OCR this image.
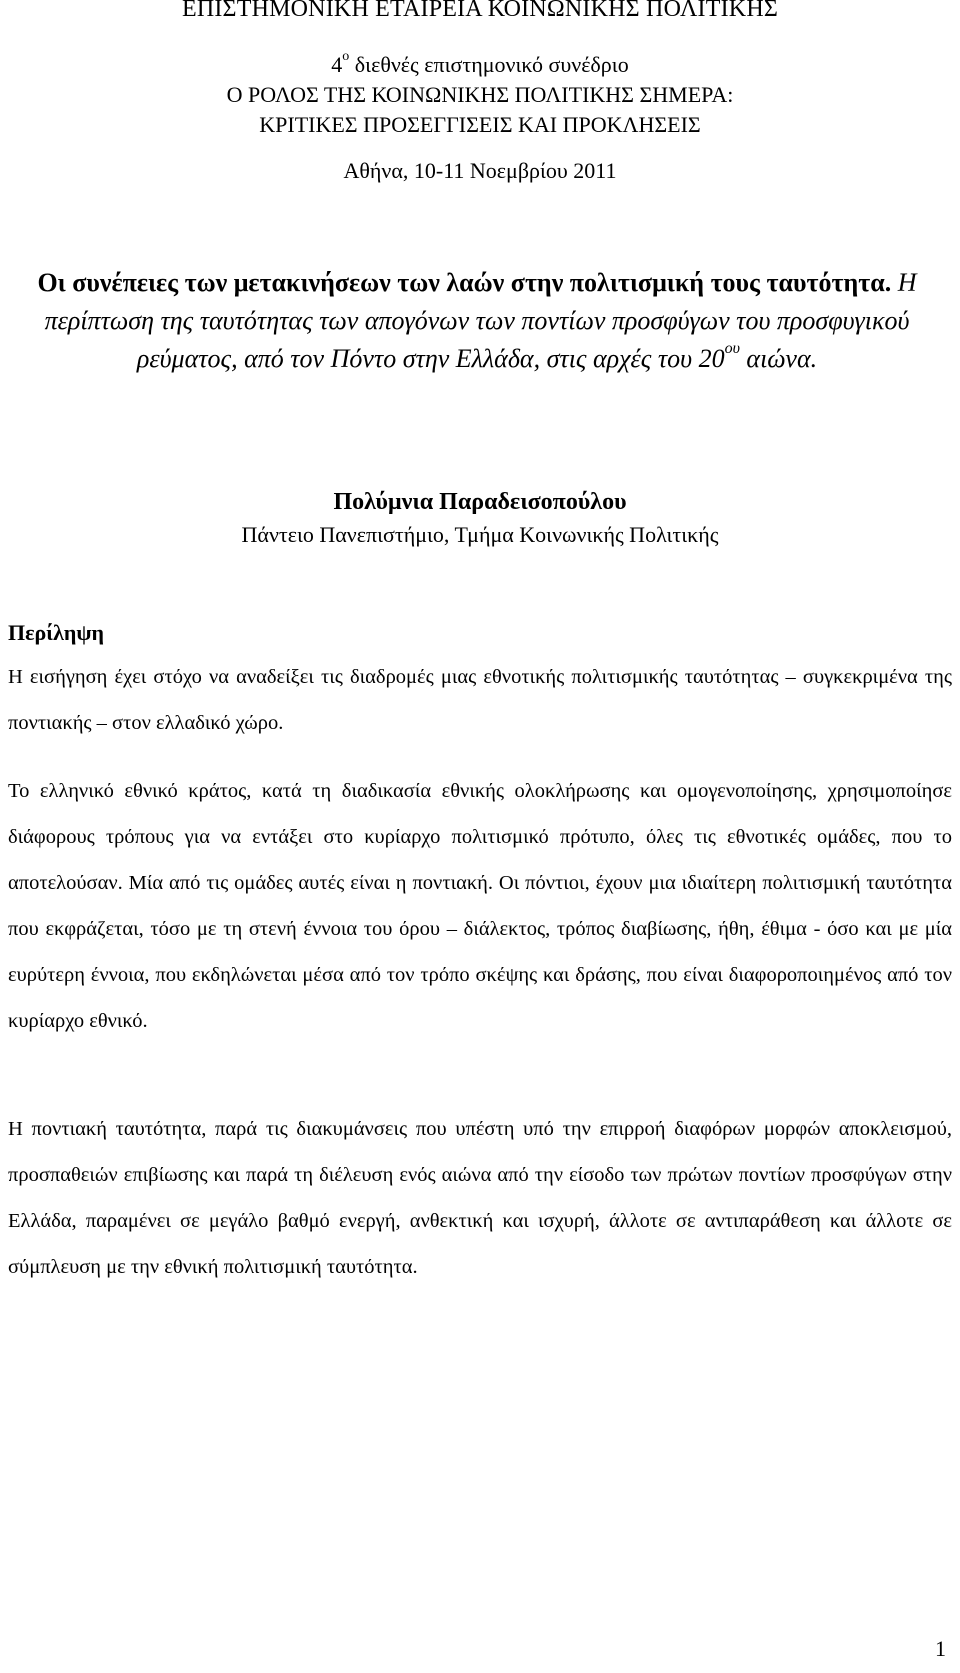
ΕΠΙΣΤΗΜΟΝΙΚΗ ΕΤΑΙΡΕΙΑ ΚΟΙΝΩΝΙΚΗΣ ΠΟΛΙΤΙΚΗΣ
$4^o$ διεθνές επιστημονικό συνέδριο
Ο ΡΟΛΟΣ ΤΗΣ ΚΟΙΝΩΝΙΚΗΣ ΠΟΛΙΤΙΚΗΣ ΣΗΜΕΡΑ:
ΚΡΙΤΙΚΕΣ ΠΡΟΣΕΓΓΙΣΕΙΣ ΚΑΙ ΠΡΟΚΛΗΣΕΙΣ
Αθήνα, 10-11 Νοεμβρίου 2011
Οι συνέπειες των μετακινήσεων των λαών στην πολιτισμική τους ταυτότητα. Η περίπτωση της ταυτότητας των απογόνων των ποντίων προσφύγων του προσφυγικού ρεύματος, από τον Πόντο στην Ελλάδα, στις αρχές του $20^{o\upsilon}$ αιώνα.
Πολύμνια Παραδεισοπούλου
Πάντειο Πανεπιστήμιο, Τμήμα Κοινωνικής Πολιτικής
Περίληψη
Η εισήγηση έχει στόχο να αναδείξει τις διαδρομές μιας εθνοτικής πολιτισμικής ταυτότητας – συγκεκριμένα της ποντιακής – στον ελλαδικό χώρο.
Το ελληνικό εθνικό κράτος, κατά τη διαδικασία εθνικής ολοκλήρωσης και ομογενοποίησης, χρησιμοποίησε διάφορους τρόπους για να εντάξει στο κυρίαρχο πολιτισμικό πρότυπο, όλες τις εθνοτικές ομάδες, που το αποτελούσαν. Μία από τις ομάδες αυτές είναι η ποντιακή. Οι πόντιοι, έχουν μια ιδιαίτερη πολιτισμική ταυτότητα που εκφράζεται, τόσο με τη στενή έννοια του όρου – διάλεκτος, τρόπος διαβίωσης, ήθη, έθιμα - όσο και με μία ευρύτερη έννοια, που εκδηλώνεται μέσα από τον τρόπο σκέψης και δράσης, που είναι διαφοροποιημένος από τον κυρίαρχο εθνικό.
Η ποντιακή ταυτότητα, παρά τις διακυμάνσεις που υπέστη υπό την επιρροή διαφόρων μορφών αποκλεισμού, προσπαθειών επιβίωσης και παρά τη διέλευση ενός αιώνα από την είσοδο των πρώτων ποντίων προσφύγων στην Ελλάδα, παραμένει σε μεγάλο βαθμό ενεργή, ανθεκτική και ισχυρή, άλλοτε σε αντιπαράθεση και άλλοτε σε σύμπλευση με την εθνική πολιτισμική ταυτότητα.
1
